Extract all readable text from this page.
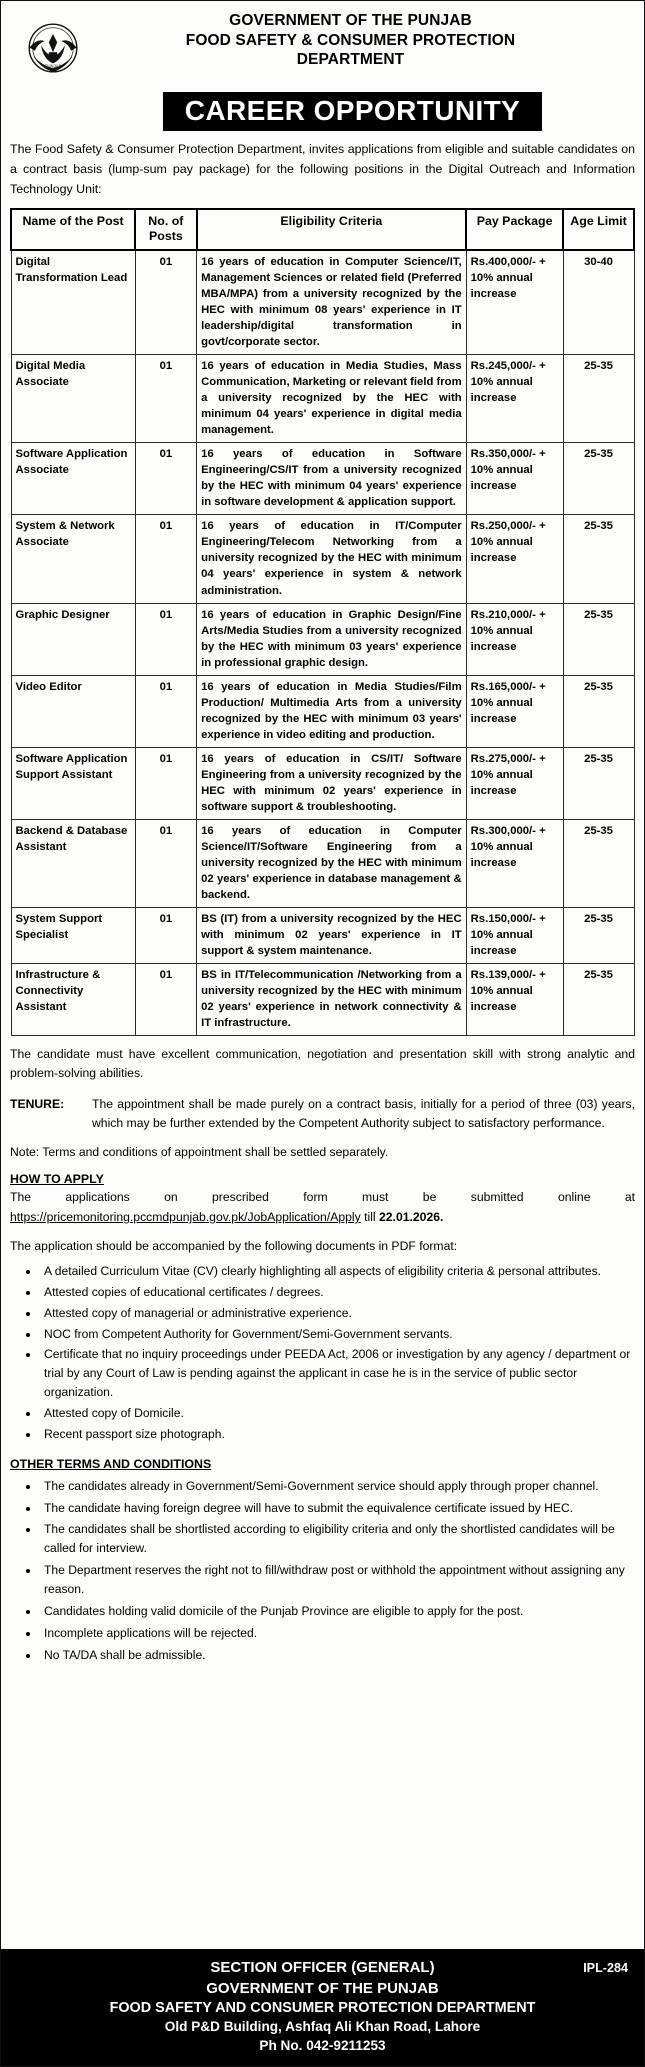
PUNJAB
GOVERNMENT OF THE PUNJAB
FOOD SAFETY & CONSUMER PROTECTION
DEPARTMENT
CAREER OPPORTUNITY

The Food Safety & Consumer Protection Department, invites applications from eligible and suitable candidates on a contract basis (lump-sum pay package) for the following positions in the Digital Outreach and Information Technology Unit:

Name of the Post	No. of Posts	Eligibility Criteria	Pay Package	Age Limit
Digital Transformation Lead	01	16 years of education in Computer Science/IT, Management Sciences or related field (Preferred MBA/MPA) from a university recognized by the HEC with minimum 08 years' experience in IT leadership/digital transformation in govt/corporate sector.	Rs.400,000/- + 10% annual increase	30-40
Digital Media Associate	01	16 years of education in Media Studies, Mass Communication, Marketing or relevant field from a university recognized by the HEC with minimum 04 years' experience in digital media management.	Rs.245,000/- + 10% annual increase	25-35
Software Application Associate	01	16 years of education in Software Engineering/CS/IT from a university recognized by the HEC with minimum 04 years' experience in software development & application support.	Rs.350,000/- + 10% annual increase	25-35
System & Network Associate	01	16 years of education in IT/Computer Engineering/Telecom Networking from a university recognized by the HEC with minimum 04 years' experience in system & network administration.	Rs.250,000/- + 10% annual increase	25-35
Graphic Designer	01	16 years of education in Graphic Design/Fine Arts/Media Studies from a university recognized by the HEC with minimum 03 years' experience in professional graphic design.	Rs.210,000/- + 10% annual increase	25-35
Video Editor	01	16 years of education in Media Studies/Film Production/ Multimedia Arts from a university recognized by the HEC with minimum 03 years' experience in video editing and production.	Rs.165,000/- + 10% annual increase	25-35
Software Application Support Assistant	01	16 years of education in CS/IT/ Software Engineering from a university recognized by the HEC with minimum 02 years' experience in software support & troubleshooting.	Rs.275,000/- + 10% annual increase	25-35
Backend & Database Assistant	01	16 years of education in Computer Science/IT/Software Engineering from a university recognized by the HEC with minimum 02 years' experience in database management & backend.	Rs.300,000/- + 10% annual increase	25-35
System Support Specialist	01	BS (IT) from a university recognized by the HEC with minimum 02 years' experience in IT support & system maintenance.	Rs.150,000/- + 10% annual increase	25-35
Infrastructure & Connectivity Assistant	01	BS in IT/Telecommunication /Networking from a university recognized by the HEC with minimum 02 years' experience in network connectivity & IT infrastructure.	Rs.139,000/- + 10% annual increase	25-35

The candidate must have excellent communication, negotiation and presentation skill with strong analytic and problem-solving abilities.

TENURE:	The appointment shall be made purely on a contract basis, initially for a period of three (03) years, which may be further extended by the Competent Authority subject to satisfactory performance.
Note: Terms and conditions of appointment shall be settled separately.
HOW TO APPLY

The applications on prescribed form must be submitted online at https://pricemonitoring.pccmdpunjab.gov.pk/JobApplication/Apply till 22.01.2026.

The application should be accompanied by the following documents in PDF format:

• A detailed Curriculum Vitae (CV) clearly highlighting all aspects of eligibility criteria & personal attributes.
• Attested copies of educational certificates / degrees.
• Attested copy of managerial or administrative experience.
• NOC from Competent Authority for Government/Semi-Government servants.
• Certificate that no inquiry proceedings under PEEDA Act, 2006 or investigation by any agency / department or trial by any Court of Law is pending against the applicant in case he is in the service of public sector organization.
• Attested copy of Domicile.
• Recent passport size photograph.
OTHER TERMS AND CONDITIONS
• The candidates already in Government/Semi-Government service should apply through proper channel.
• The candidate having foreign degree will have to submit the equivalence certificate issued by HEC.
• The candidates shall be shortlisted according to eligibility criteria and only the shortlisted candidates will be called for interview.
• The Department reserves the right not to fill/withdraw post or withhold the appointment without assigning any reason.
• Candidates holding valid domicile of the Punjab Province are eligible to apply for the post.
• Incomplete applications will be rejected.
• No TA/DA shall be admissible.
IPL-284
SECTION OFFICER (GENERAL)
GOVERNMENT OF THE PUNJAB
FOOD SAFETY AND CONSUMER PROTECTION DEPARTMENT
Old P&D Building, Ashfaq Ali Khan Road, Lahore
Ph No. 042-9211253
